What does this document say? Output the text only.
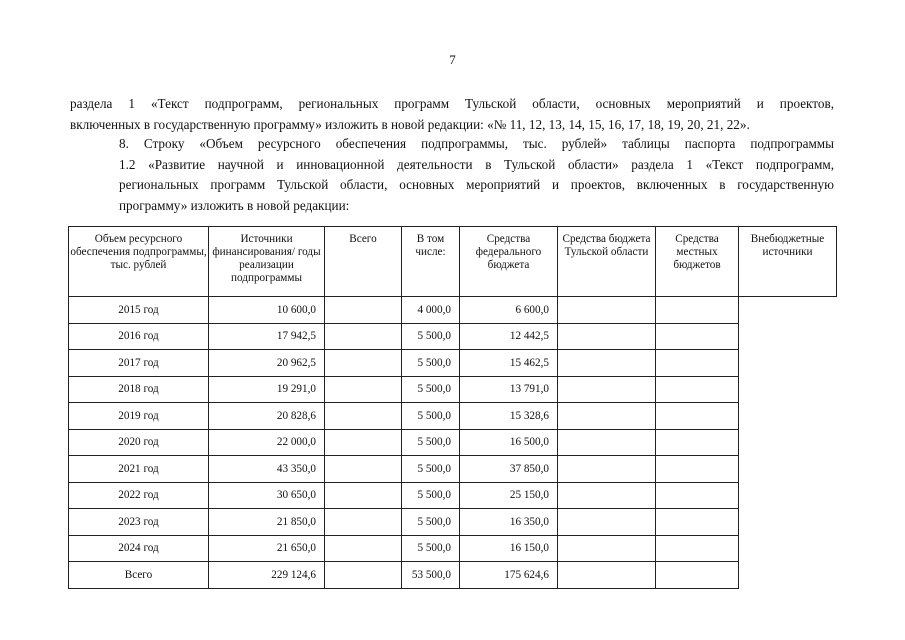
7
раздела 1 «Текст подпрограмм, региональных программ Тульской области, основных мероприятий и проектов,
включенных в государственную программу» изложить в новой редакции: «№ 11, 12, 13, 14, 15, 16, 17, 18, 19, 20, 21, 22».
8. Строку «Объем ресурсного обеспечения подпрограммы, тыс. рублей» таблицы паспорта подпрограммы
1.2 «Развитие научной и инновационной деятельности в Тульской области» раздела 1 «Текст подпрограмм,
региональных программ Тульской области, основных мероприятий и проектов, включенных в государственную
программу» изложить в новой редакции:
Объем ресурсного обеспечения подпрограммы, тыс. рублей	Источники финансирования/ годы реализации подпрограммы	Всего	В том числе:	Средства федерального бюджета	Средства бюджета Тульской области	Средства местных бюджетов	Внебюджетные источники
2015 год	10 600,0		4 000,0	6 600,0			
2016 год	17 942,5		5 500,0	12 442,5			
2017 год	20 962,5		5 500,0	15 462,5			
2018 год	19 291,0		5 500,0	13 791,0			
2019 год	20 828,6		5 500,0	15 328,6			
2020 год	22 000,0		5 500,0	16 500,0			
2021 год	43 350,0		5 500,0	37 850,0			
2022 год	30 650,0		5 500,0	25 150,0			
2023 год	21 850,0		5 500,0	16 350,0			
2024 год	21 650,0		5 500,0	16 150,0			
Всего	229 124,6		53 500,0	175 624,6			
